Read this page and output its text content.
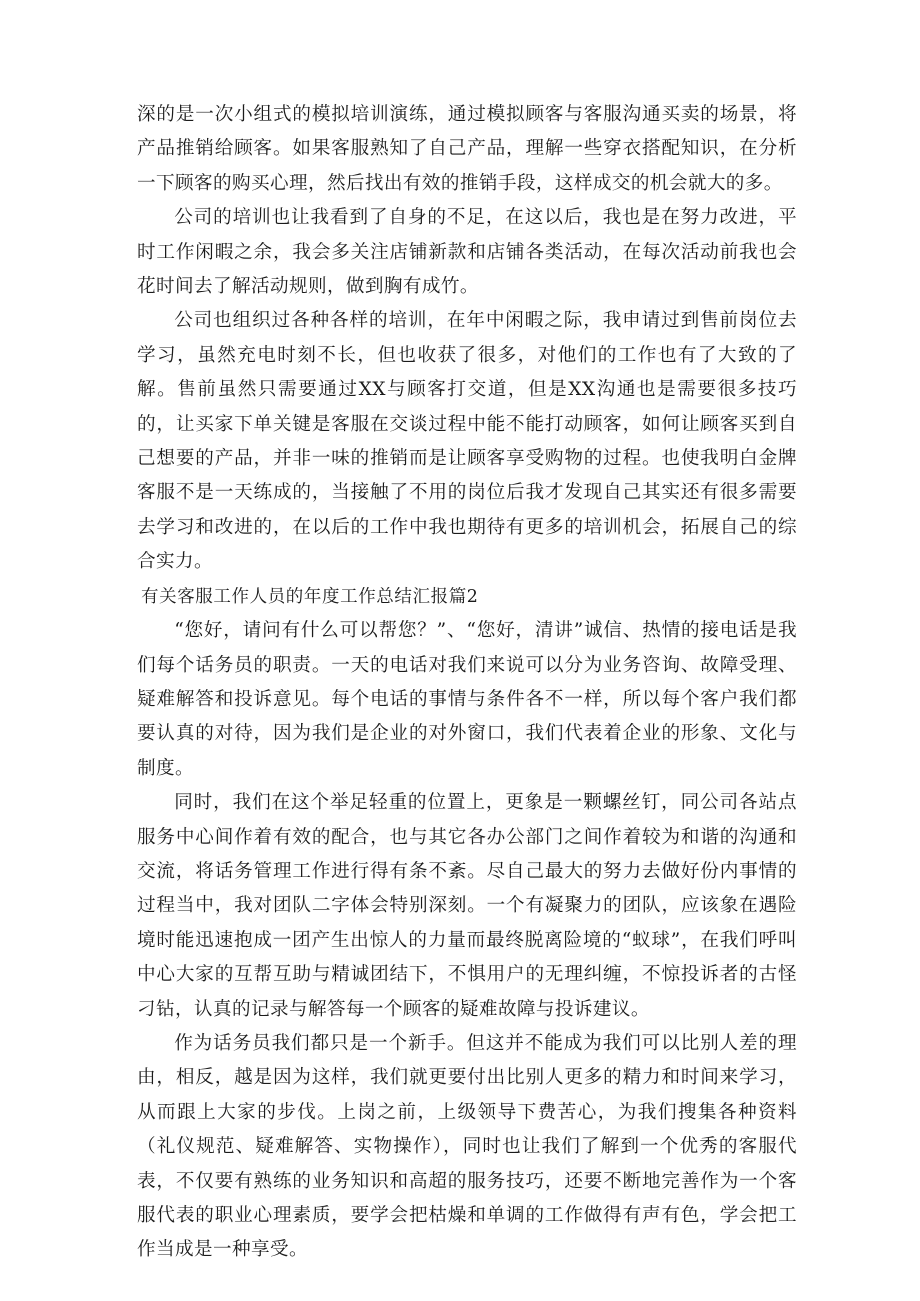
深的是一次小组式的模拟培训演练，通过模拟顾客与客服沟通买卖的场景，将产品推销给顾客。如果客服熟知了自己产品，理解一些穿衣搭配知识，在分析一下顾客的购买心理，然后找出有效的推销手段，这样成交的机会就大的多。

公司的培训也让我看到了自身的不足，在这以后，我也是在努力改进，平时工作闲暇之余，我会多关注店铺新款和店铺各类活动，在每次活动前我也会花时间去了解活动规则，做到胸有成竹。

公司也组织过各种各样的培训，在年中闲暇之际，我申请过到售前岗位去学习，虽然充电时刻不长，但也收获了很多，对他们的工作也有了大致的了解。售前虽然只需要通过XX与顾客打交道，但是XX沟通也是需要很多技巧的，让买家下单关键是客服在交谈过程中能不能打动顾客，如何让顾客买到自己想要的产品，并非一味的推销而是让顾客享受购物的过程。也使我明白金牌客服不是一天练成的，当接触了不用的岗位后我才发现自己其实还有很多需要去学习和改进的，在以后的工作中我也期待有更多的培训机会，拓展自己的综合实力。

有关客服工作人员的年度工作总结汇报篇2

“您好，请问有什么可以帮您？”、“您好，清讲”诚信、热情的接电话是我们每个话务员的职责。一天的电话对我们来说可以分为业务咨询、故障受理、疑难解答和投诉意见。每个电话的事情与条件各不一样，所以每个客户我们都要认真的对待，因为我们是企业的对外窗口，我们代表着企业的形象、文化与制度。

同时，我们在这个举足轻重的位置上，更象是一颗螺丝钉，同公司各站点服务中心间作着有效的配合，也与其它各办公部门之间作着较为和谐的沟通和交流，将话务管理工作进行得有条不紊。尽自己最大的努力去做好份内事情的过程当中，我对团队二字体会特别深刻。一个有凝聚力的团队，应该象在遇险境时能迅速抱成一团产生出惊人的力量而最终脱离险境的“蚁球”，在我们呼叫中心大家的互帮互助与精诚团结下，不惧用户的无理纠缠，不惊投诉者的古怪刁钻，认真的记录与解答每一个顾客的疑难故障与投诉建议。

作为话务员我们都只是一个新手。但这并不能成为我们可以比别人差的理由，相反，越是因为这样，我们就更要付出比别人更多的精力和时间来学习，从而跟上大家的步伐。上岗之前，上级领导下费苦心，为我们搜集各种资料（礼仪规范、疑难解答、实物操作），同时也让我们了解到一个优秀的客服代表，不仅要有熟练的业务知识和高超的服务技巧，还要不断地完善作为一个客服代表的职业心理素质，要学会把枯燥和单调的工作做得有声有色，学会把工作当成是一种享受。
